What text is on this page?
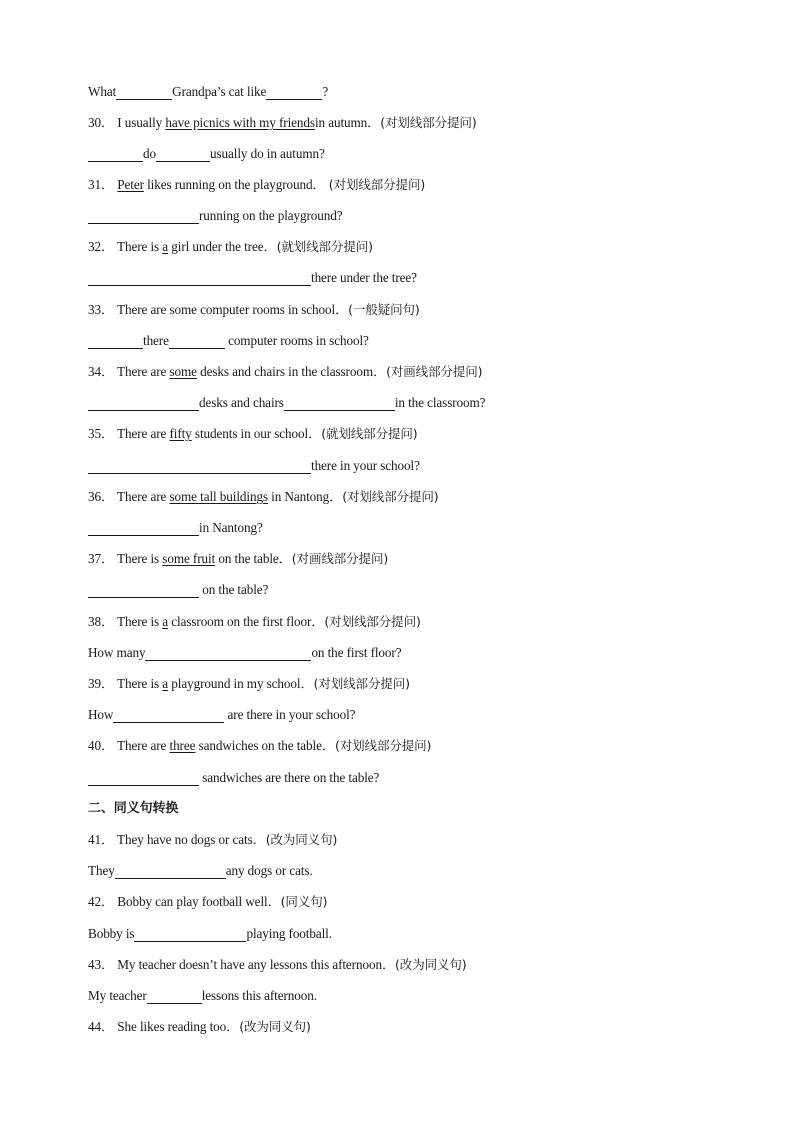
What	Grandpa’s cat like	?
30． I usually have picnics with my friendsin autumn．(对划线部分提问)
do	usually do in autumn?
31． Peter likes running on the playground． (对划线部分提问)
running on the playground?
32． There is a girl under the tree．(就划线部分提问)
there under the tree?
33． There are some computer rooms in school．(一般疑问句)
there	computer rooms in school?
34． There are some desks and chairs in the classroom．(对画线部分提问)
desks and chairs	in the classroom?
35． There are fifty students in our school．(就划线部分提问)
there in your school?
36． There are some tall buildings in Nantong．(对划线部分提问)
in Nantong?
37． There is some fruit on the table．(对画线部分提问)
on the table?
38． There is a classroom on the first floor．(对划线部分提问)
How many	on the first floor?
39． There is a playground in my school．(对划线部分提问)
How	are there in your school?
40． There are three sandwiches on the table．(对划线部分提问)
sandwiches are there on the table?
二、同义句转换
41． They have no dogs or cats．(改为同义句)
They	any dogs or cats.
42． Bobby can play football well．(同义句)
Bobby is	playing football.
43． My teacher doesn’t have any lessons this afternoon．(改为同义句)
My teacher	lessons this afternoon.
44． She likes reading too．(改为同义句)
